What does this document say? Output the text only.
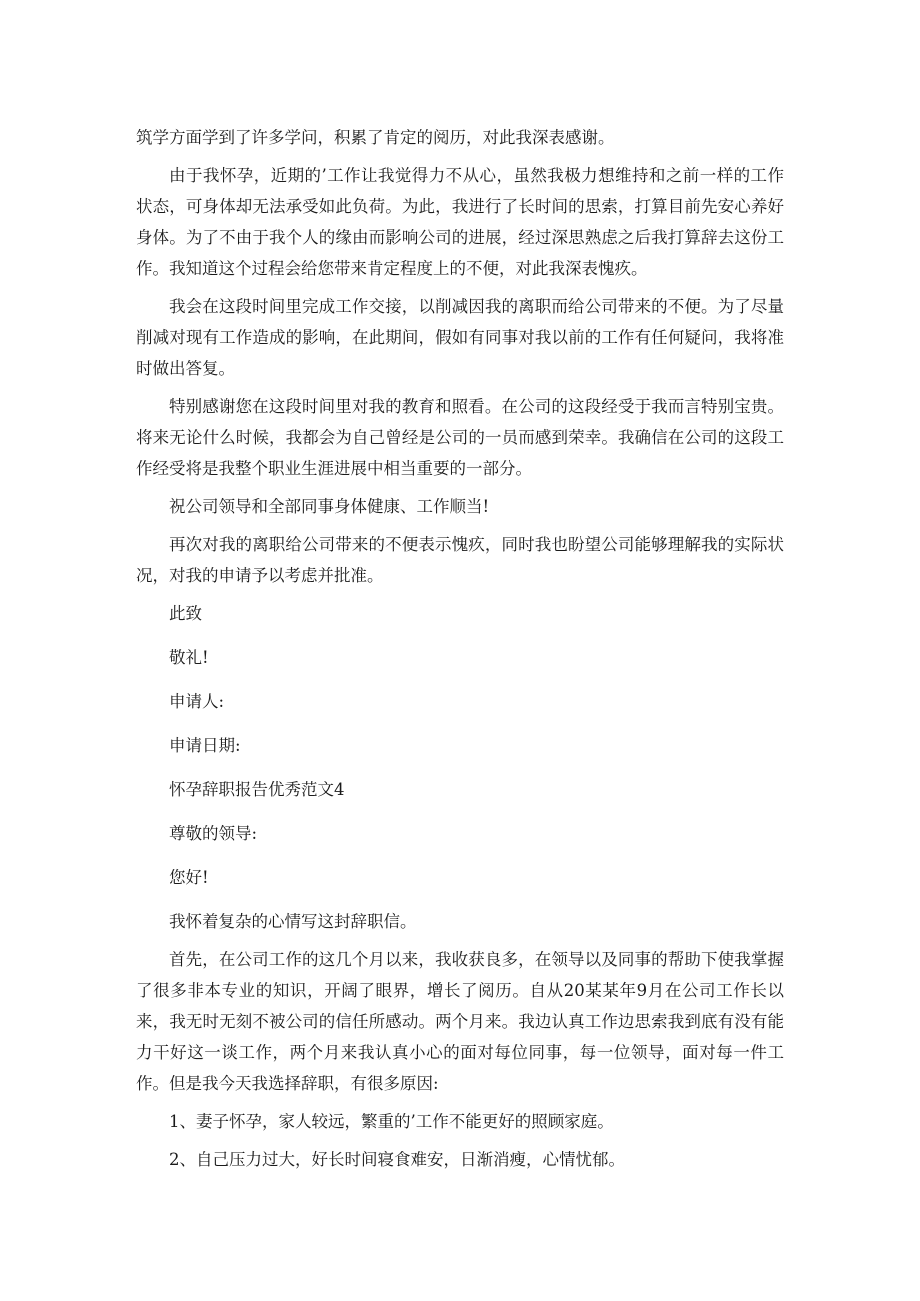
筑学方面学到了许多学问，积累了肯定的阅历，对此我深表感谢。

由于我怀孕，近期的’工作让我觉得力不从心，虽然我极力想维持和之前一样的工作状态，可身体却无法承受如此负荷。为此，我进行了长时间的思索，打算目前先安心养好身体。为了不由于我个人的缘由而影响公司的进展，经过深思熟虑之后我打算辞去这份工作。我知道这个过程会给您带来肯定程度上的不便，对此我深表愧疚。

我会在这段时间里完成工作交接，以削减因我的离职而给公司带来的不便。为了尽量削减对现有工作造成的影响，在此期间，假如有同事对我以前的工作有任何疑问，我将准时做出答复。

特别感谢您在这段时间里对我的教育和照看。在公司的这段经受于我而言特别宝贵。将来无论什么时候，我都会为自己曾经是公司的一员而感到荣幸。我确信在公司的这段工作经受将是我整个职业生涯进展中相当重要的一部分。

祝公司领导和全部同事身体健康、工作顺当!

再次对我的离职给公司带来的不便表示愧疚，同时我也盼望公司能够理解我的实际状况，对我的申请予以考虑并批准。

此致

敬礼!

申请人:

申请日期:

怀孕辞职报告优秀范文4

尊敬的领导:

您好!

我怀着复杂的心情写这封辞职信。

首先，在公司工作的这几个月以来，我收获良多，在领导以及同事的帮助下使我掌握了很多非本专业的知识，开阔了眼界，增长了阅历。自从20某某年9月在公司工作长以来，我无时无刻不被公司的信任所感动。两个月来。我边认真工作边思索我到底有没有能力干好这一谈工作，两个月来我认真小心的面对每位同事，每一位领导，面对每一件工作。但是我今天我选择辞职，有很多原因:

1、妻子怀孕，家人较远，繁重的’工作不能更好的照顾家庭。

2、自己压力过大，好长时间寝食难安，日渐消瘦，心情忧郁。
